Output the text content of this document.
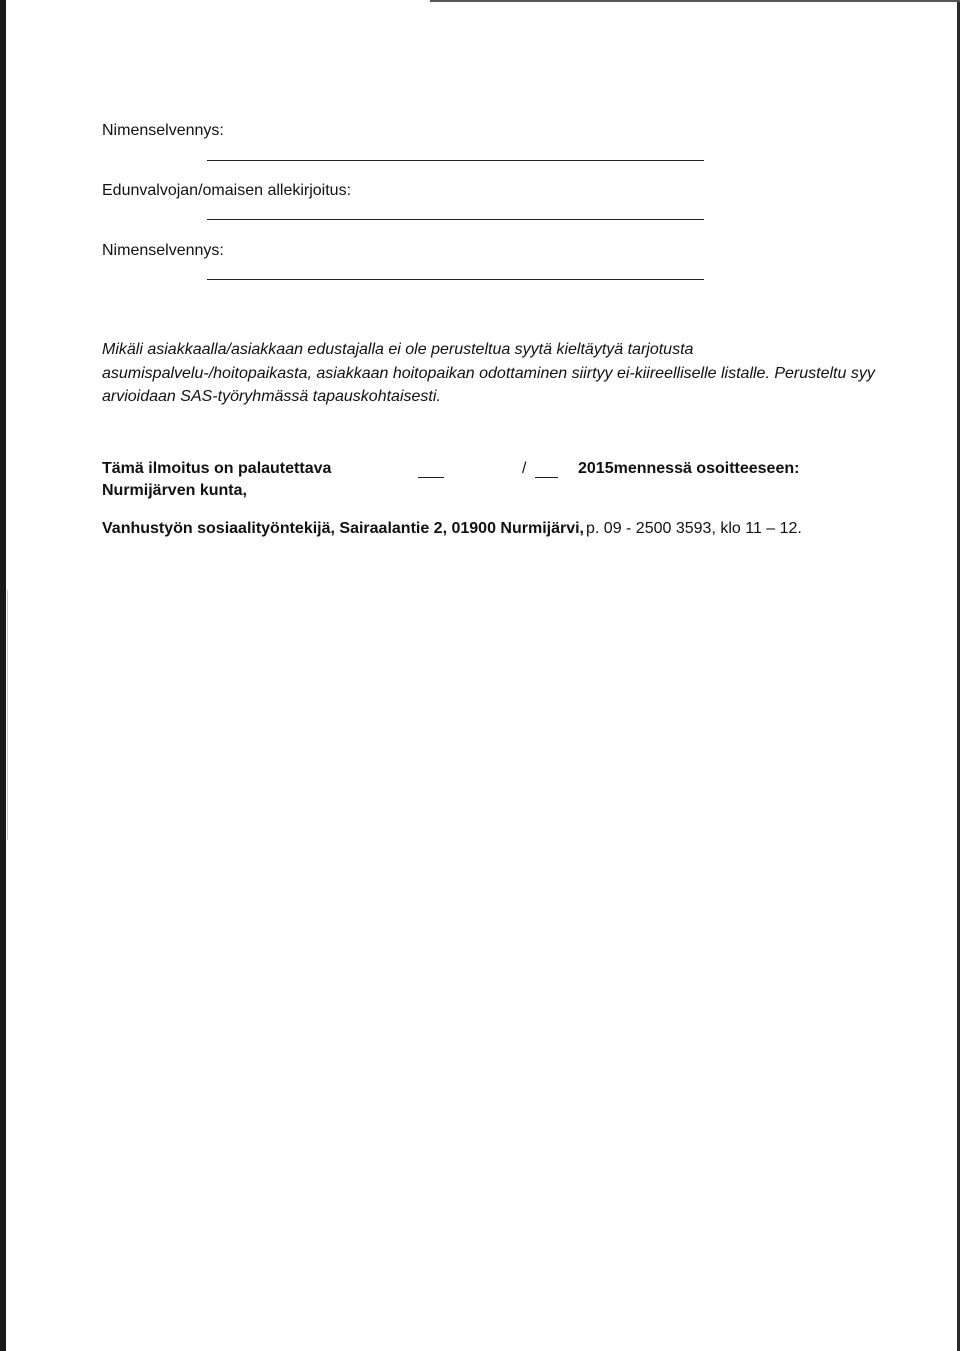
Nimenselvennys:
Edunvalvojan/omaisen allekirjoitus:
Nimenselvennys:
Mikäli asiakkaalla/asiakkaan edustajalla ei ole perusteltua syytä kieltäytyä tarjotusta asumispalvelu-/hoitopaikasta, asiakkaan hoitopaikan odottaminen siirtyy ei-kiireelliselle listalle. Perusteltu syy arvioidaan SAS-työryhmässä tapauskohtaisesti.
Tämä ilmoitus on palautettava	/	2015mennessä osoitteeseen:
Nurmijärven kunta,
Vanhustyön sosiaalityöntekijä, Sairaalantie 2, 01900 Nurmijärvi, p. 09 - 2500 3593, klo 11 – 12.
